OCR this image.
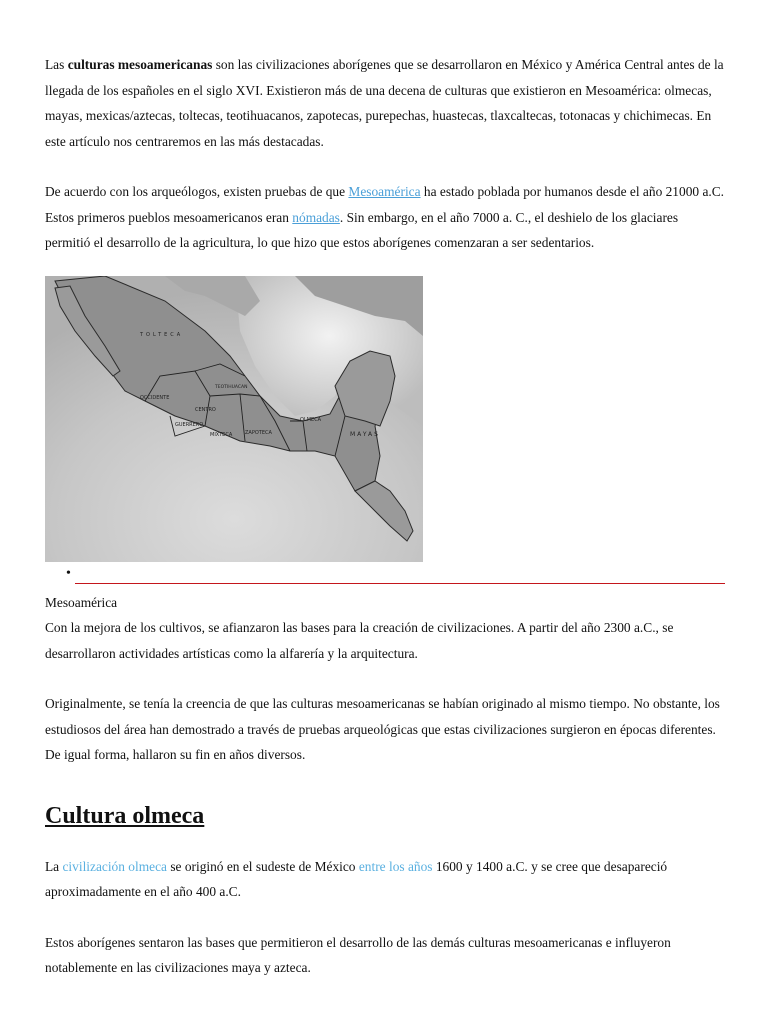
Las culturas mesoamericanas son las civilizaciones aborígenes que se desarrollaron en México y América Central antes de la llegada de los españoles en el siglo XVI. Existieron más de una decena de culturas que existieron en Mesoamérica: olmecas, mayas, mexicas/aztecas, toltecas, teotihuacanos, zapotecas, purepechas, huastecas, tlaxcaltecas, totonacas y chichimecas. En este artículo nos centraremos en las más destacadas.

De acuerdo con los arqueólogos, existen pruebas de que Mesoamérica ha estado poblada por humanos desde el año 21000 a.C. Estos primeros pueblos mesoamericanos eran nómadas. Sin embargo, en el año 7000 a. C., el deshielo de los glaciares permitió el desarrollo de la agricultura, lo que hizo que estos aborígenes comenzaran a ser sedentarios.

MAYAS
OLMECA
ZAPOTECA
MIXTECA
TEOTIHUACAN
OCCIDENTE
CENTRO
GUERRERO
TOLTECA
•

Mesoamérica

Con la mejora de los cultivos, se afianzaron las bases para la creación de civilizaciones. A partir del año 2300 a.C., se desarrollaron actividades artísticas como la alfarería y la arquitectura.

Originalmente, se tenía la creencia de que las culturas mesoamericanas se habían originado al mismo tiempo. No obstante, los estudiosos del área han demostrado a través de pruebas arqueológicas que estas civilizaciones surgieron en épocas diferentes. De igual forma, hallaron su fin en años diversos.

Cultura olmeca

La civilización olmeca se originó en el sudeste de México entre los años 1600 y 1400 a.C. y se cree que desapareció aproximadamente en el año 400 a.C.

Estos aborígenes sentaron las bases que permitieron el desarrollo de las demás culturas mesoamericanas e influyeron notablemente en las civilizaciones maya y azteca.
